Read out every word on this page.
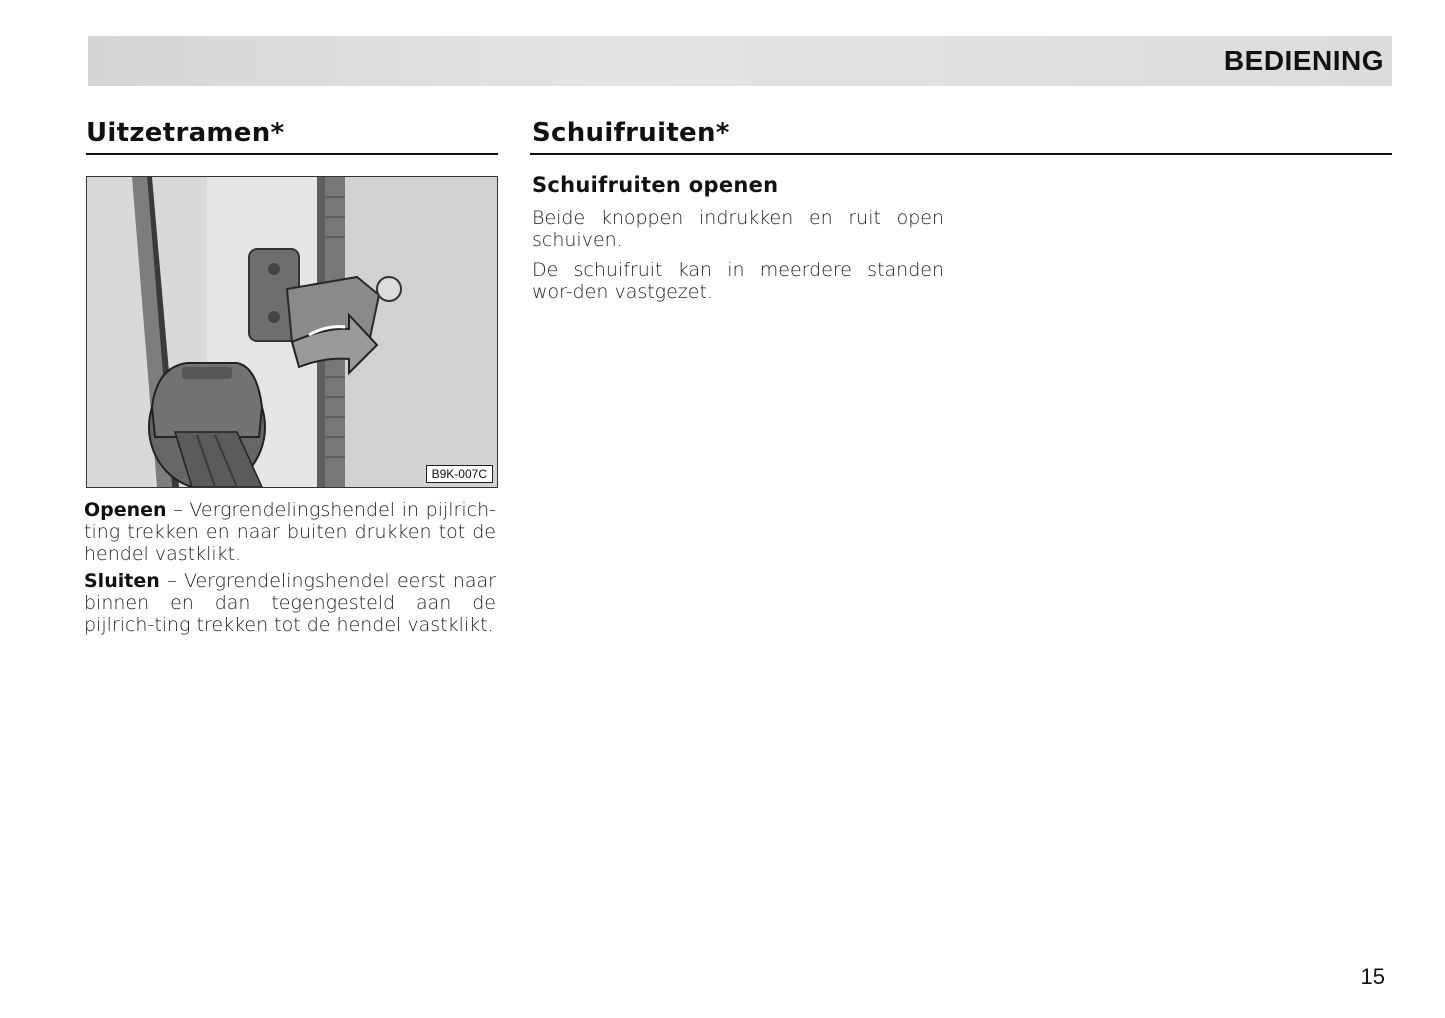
BEDIENING
Uitzetramen*
B9K-007C

Openen – Vergrendelingshendel in pijlrich-ting trekken en naar buiten drukken tot de hendel vastklikt.

Sluiten – Vergrendelingshendel eerst naar binnen en dan tegengesteld aan de pijlrich-ting trekken tot de hendel vastklikt.

Schuifruiten*
Schuifruiten openen

Beide knoppen indrukken en ruit open schuiven.

De schuifruit kan in meerdere standen wor-den vastgezet.

15
